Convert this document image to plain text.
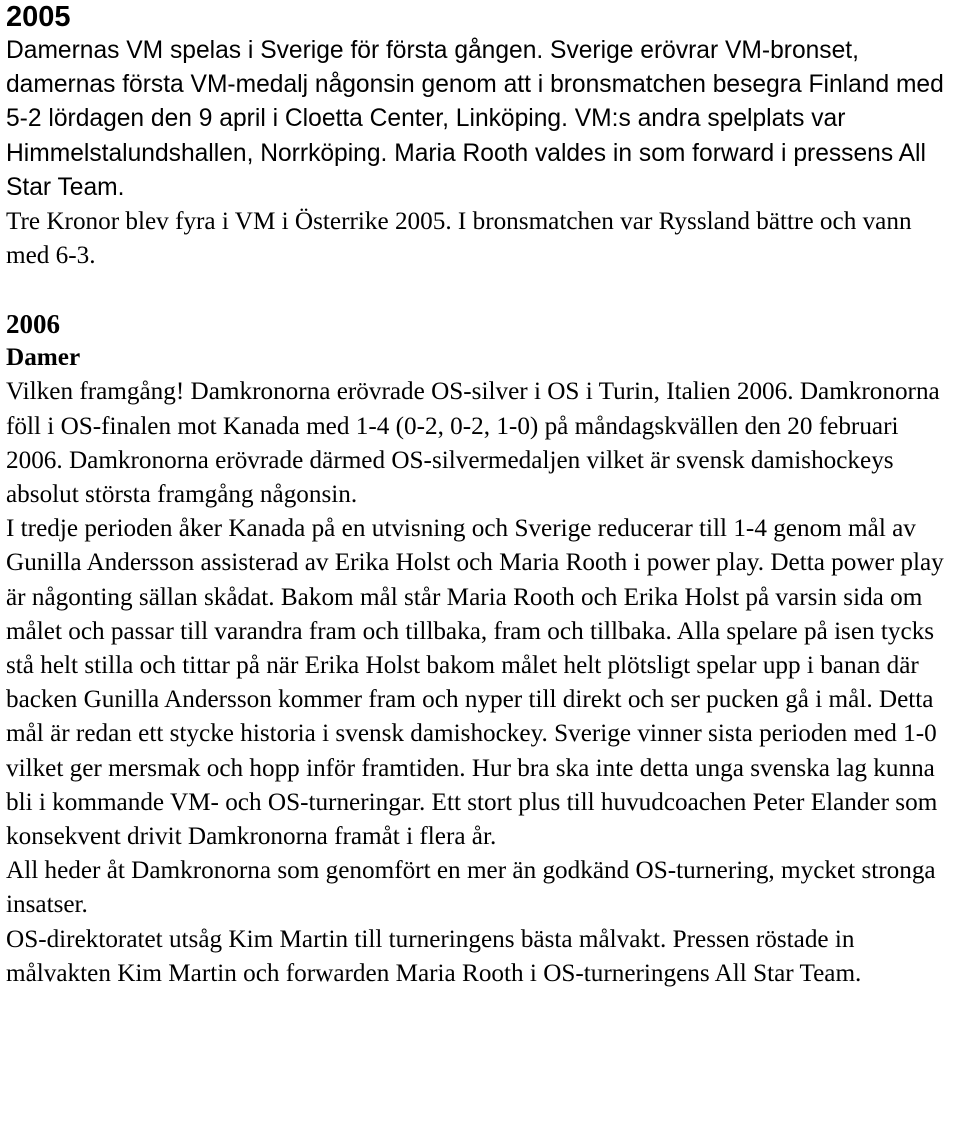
2005

Damernas VM spelas i Sverige för första gången. Sverige erövrar VM-bronset, damernas första VM-medalj någonsin genom att i bronsmatchen besegra Finland med 5-2 lördagen den 9 april i Cloetta Center, Linköping. VM:s andra spelplats var Himmelstalundshallen, Norrköping. Maria Rooth valdes in som forward i pressens All Star Team.

Tre Kronor blev fyra i VM i Österrike 2005. I bronsmatchen var Ryssland bättre och vann med 6-3.

2006
Damer

Vilken framgång! Damkronorna erövrade OS-silver i OS i Turin, Italien 2006. Damkronorna föll i OS-finalen mot Kanada med 1-4 (0-2, 0-2, 1-0) på måndagskvällen den 20 februari 2006. Damkronorna erövrade därmed OS-silvermedaljen vilket är svensk damishockeys absolut största framgång någonsin.

I tredje perioden åker Kanada på en utvisning och Sverige reducerar till 1-4 genom mål av Gunilla Andersson assisterad av Erika Holst och Maria Rooth i power play. Detta power play är någonting sällan skådat. Bakom mål står Maria Rooth och Erika Holst på varsin sida om målet och passar till varandra fram och tillbaka, fram och tillbaka. Alla spelare på isen tycks stå helt stilla och tittar på när Erika Holst bakom målet helt plötsligt spelar upp i banan där backen Gunilla Andersson kommer fram och nyper till direkt och ser pucken gå i mål. Detta mål är redan ett stycke historia i svensk damishockey. Sverige vinner sista perioden med 1-0 vilket ger mersmak och hopp inför framtiden. Hur bra ska inte detta unga svenska lag kunna bli i kommande VM- och OS-turneringar. Ett stort plus till huvudcoachen Peter Elander som konsekvent drivit Damkronorna framåt i flera år.

All heder åt Damkronorna som genomfört en mer än godkänd OS-turnering, mycket stronga insatser.

OS-direktoratet utsåg Kim Martin till turneringens bästa målvakt. Pressen röstade in målvakten Kim Martin och forwarden Maria Rooth i OS-turneringens All Star Team.
